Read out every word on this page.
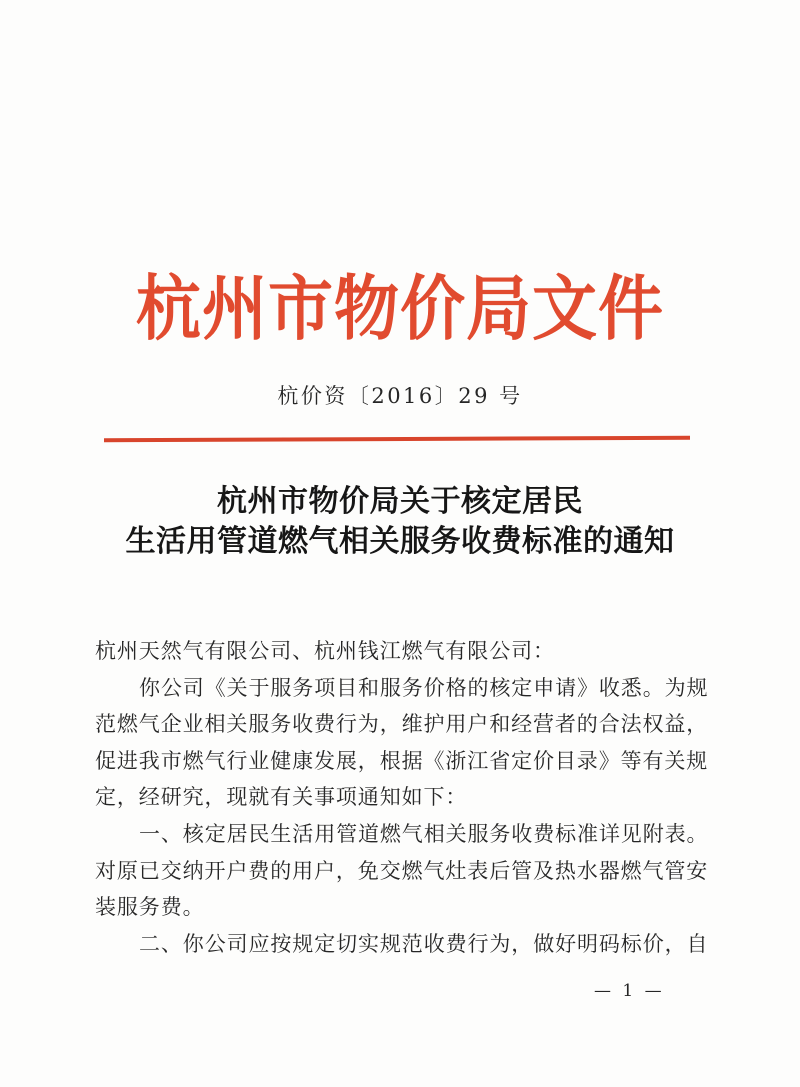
杭州市物价局文件
杭价资〔2016〕29 号
杭州市物价局关于核定居民
生活用管道燃气相关服务收费标准的通知
杭州天然气有限公司、杭州钱江燃气有限公司：
你公司《关于服务项目和服务价格的核定申请》收悉。为规
范燃气企业相关服务收费行为，维护用户和经营者的合法权益，
促进我市燃气行业健康发展，根据《浙江省定价目录》等有关规
定，经研究，现就有关事项通知如下：
一、核定居民生活用管道燃气相关服务收费标准详见附表。
对原已交纳开户费的用户，免交燃气灶表后管及热水器燃气管安
装服务费。
二、你公司应按规定切实规范收费行为，做好明码标价，自
— 1 —
